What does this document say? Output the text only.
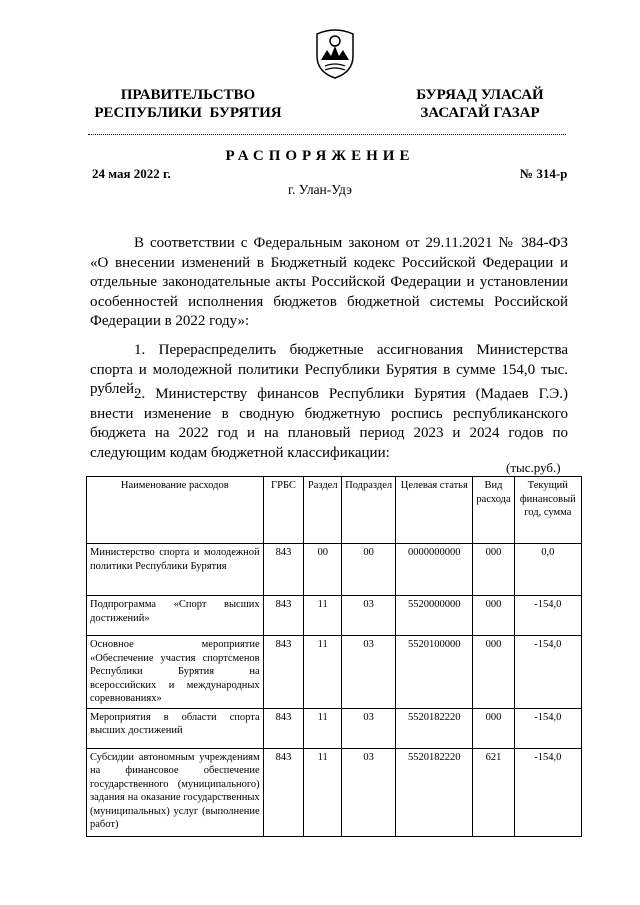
ПРАВИТЕЛЬСТВО
РЕСПУБЛИКИ  БУРЯТИЯ
БУРЯАД УЛАСАЙ
ЗАСАГАЙ ГАЗАР
РАСПОРЯЖЕНИЕ
24 мая 2022 г.	№ 314-р
г. Улан-Удэ
В соответствии с Федеральным законом от 29.11.2021 № 384-ФЗ «О внесении изменений в Бюджетный кодекс Российской Федерации и отдельные законодательные акты Российской Федерации и установлении особенностей исполнения бюджетов бюджетной системы Российской Федерации в 2022 году»:
1. Перераспределить бюджетные ассигнования Министерства спорта и молодежной политики Республики Бурятия в сумме 154,0 тыс. рублей.
2. Министерству финансов Республики Бурятия (Мадаев Г.Э.) внести изменение в сводную бюджетную роспись республиканского бюджета на 2022 год и на плановый период 2023 и 2024 годов по следующим кодам бюджетной классификации:
(тыс.руб.)
Наименование расходов	ГРБС	Раздел	Подраздел	Целевая статья	Вид расхода	Текущий финансовый год, сумма
Министерство спорта и молодежной политики Республики Бурятия	843	00	00	0000000000	000	0,0
Подпрограмма «Спорт высших достижений»	843	11	03	5520000000	000	-154,0
Основное мероприятие «Обеспечение участия спортсменов Республики Бурятия на всероссийских и международных соревнованиях»	843	11	03	5520100000	000	-154,0
Мероприятия в области спорта высших достижений	843	11	03	5520182220	000	-154,0
Субсидии автономным учреждениям на финансовое обеспечение государственного (муниципального) задания на оказание государственных (муниципальных) услуг (выполнение работ)	843	11	03	5520182220	621	-154,0
